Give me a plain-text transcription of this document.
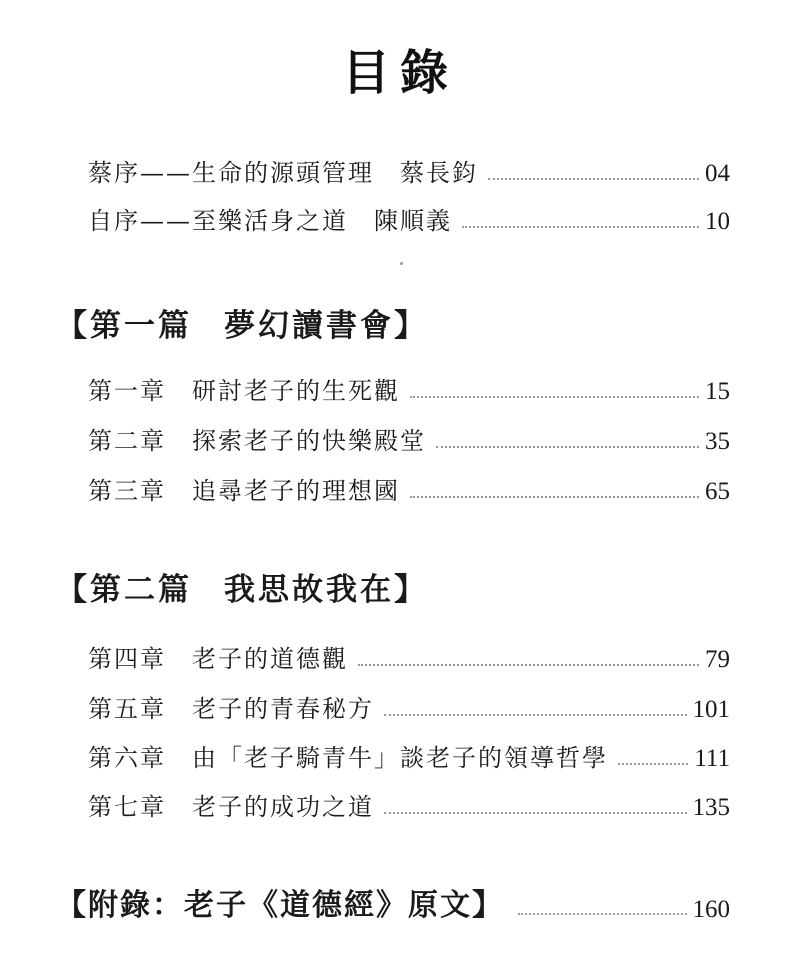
目錄
蔡序——生命的源頭管理 蔡長鈞	04
自序——至樂活身之道 陳順義	10
【第一篇 夢幻讀書會】
第一章 研討老子的生死觀	15
第二章 探索老子的快樂殿堂	35
第三章 追尋老子的理想國	65
【第二篇 我思故我在】
第四章 老子的道德觀	79
第五章 老子的青春秘方	101
第六章 由「老子騎青牛」談老子的領導哲學	111
第七章 老子的成功之道	135
【附錄：老子《道德經》原文】	160
